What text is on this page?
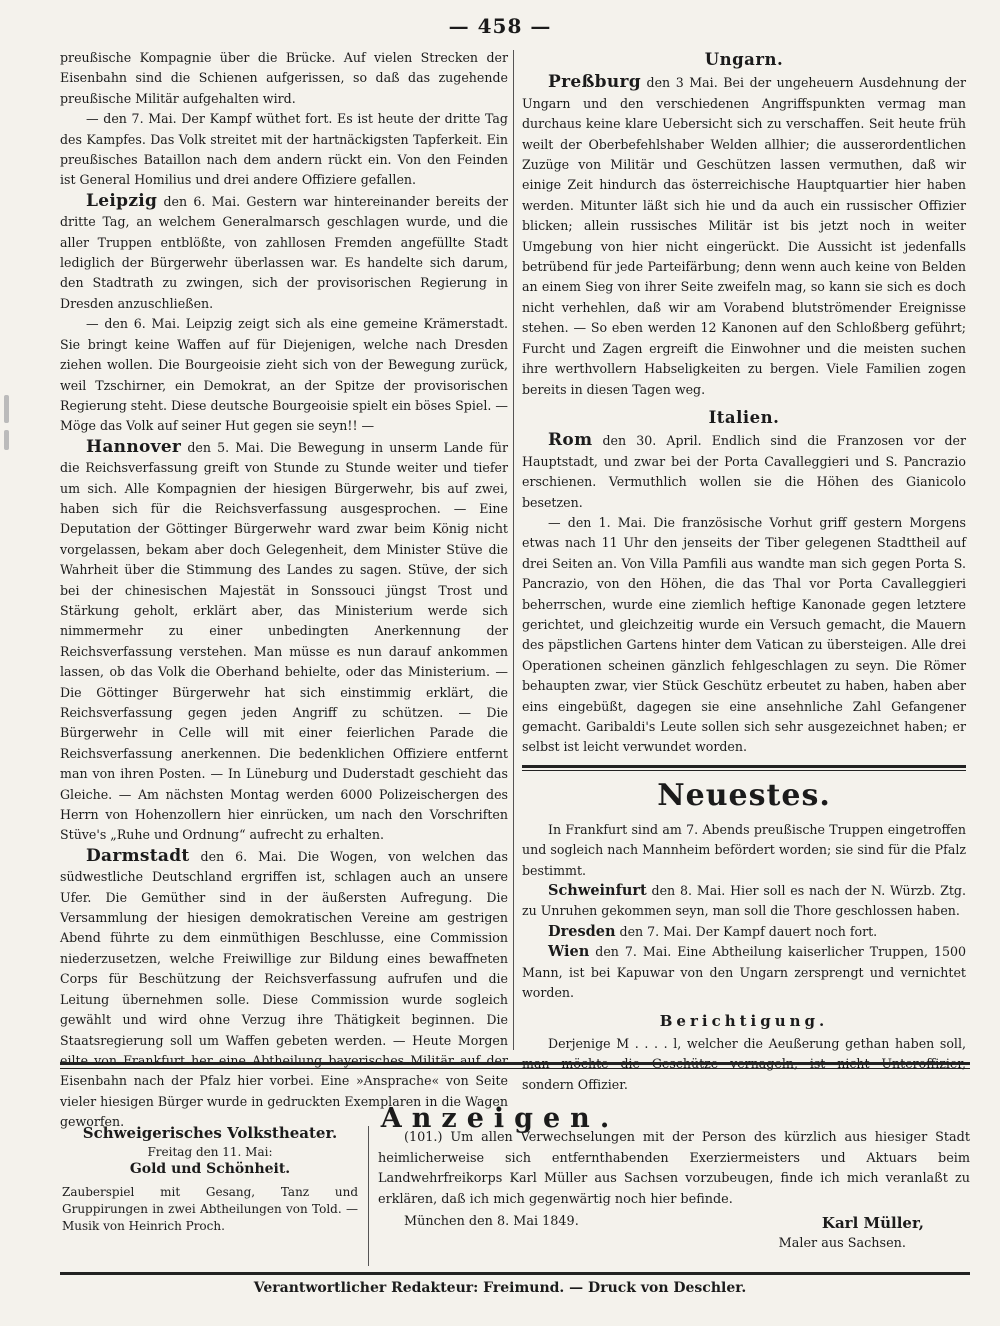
— 458 —

preußische Kompagnie über die Brücke. Auf vielen Strecken der Eisenbahn sind die Schienen aufgerissen, so daß das zugehende preußische Militär aufgehalten wird.

— den 7. Mai. Der Kampf wüthet fort. Es ist heute der dritte Tag des Kampfes. Das Volk streitet mit der hartnäckigsten Tapferkeit. Ein preußisches Bataillon nach dem andern rückt ein. Von den Feinden ist General Homilius und drei andere Offiziere gefallen.

Leipzig den 6. Mai. Gestern war hintereinander bereits der dritte Tag, an welchem Generalmarsch geschlagen wurde, und die aller Truppen entblößte, von zahllosen Fremden angefüllte Stadt lediglich der Bürgerwehr überlassen war. Es handelte sich darum, den Stadtrath zu zwingen, sich der provisorischen Regierung in Dresden anzuschließen.

— den 6. Mai. Leipzig zeigt sich als eine gemeine Krämerstadt. Sie bringt keine Waffen auf für Diejenigen, welche nach Dresden ziehen wollen. Die Bourgeoisie zieht sich von der Bewegung zurück, weil Tzschirner, ein Demokrat, an der Spitze der provisorischen Regierung steht. Diese deutsche Bourgeoisie spielt ein böses Spiel. — Möge das Volk auf seiner Hut gegen sie seyn!! —

Hannover den 5. Mai. Die Bewegung in unserm Lande für die Reichsverfassung greift von Stunde zu Stunde weiter und tiefer um sich. Alle Kompagnien der hiesigen Bürgerwehr, bis auf zwei, haben sich für die Reichsverfassung ausgesprochen. — Eine Deputation der Göttinger Bürgerwehr ward zwar beim König nicht vorgelassen, bekam aber doch Gelegenheit, dem Minister Stüve die Wahrheit über die Stimmung des Landes zu sagen. Stüve, der sich bei der chinesischen Majestät in Sonssouci jüngst Trost und Stärkung geholt, erklärt aber, das Ministerium werde sich nimmermehr zu einer unbedingten Anerkennung der Reichsverfassung verstehen. Man müsse es nun darauf ankommen lassen, ob das Volk die Oberhand behielte, oder das Ministerium. — Die Göttinger Bürgerwehr hat sich einstimmig erklärt, die Reichsverfassung gegen jeden Angriff zu schützen. — Die Bürgerwehr in Celle will mit einer feierlichen Parade die Reichsverfassung anerkennen. Die bedenklichen Offiziere entfernt man von ihren Posten. — In Lüneburg und Duderstadt geschieht das Gleiche. — Am nächsten Montag werden 6000 Polizeischergen des Herrn von Hohenzollern hier einrücken, um nach den Vorschriften Stüve's „Ruhe und Ordnung“ aufrecht zu erhalten.

Darmstadt den 6. Mai. Die Wogen, von welchen das südwestliche Deutschland ergriffen ist, schlagen auch an unsere Ufer. Die Gemüther sind in der äußersten Aufregung. Die Versammlung der hiesigen demokratischen Vereine am gestrigen Abend führte zu dem einmüthigen Beschlusse, eine Commission niederzusetzen, welche Freiwillige zur Bildung eines bewaffneten Corps für Beschützung der Reichsverfassung aufrufen und die Leitung übernehmen solle. Diese Commission wurde sogleich gewählt und wird ohne Verzug ihre Thätigkeit beginnen. Die Staatsregierung soll um Waffen gebeten werden. — Heute Morgen eilte von Frankfurt her eine Abtheilung bayerisches Militär auf der Eisenbahn nach der Pfalz hier vorbei. Eine »Ansprache« von Seite vieler hiesigen Bürger wurde in gedruckten Exemplaren in die Wagen geworfen.

Ungarn.

Preßburg den 3 Mai. Bei der ungeheuern Ausdehnung der Ungarn und den verschiedenen Angriffspunkten vermag man durchaus keine klare Uebersicht sich zu verschaffen. Seit heute früh weilt der Oberbefehlshaber Welden allhier; die ausserordentlichen Zuzüge von Militär und Geschützen lassen vermuthen, daß wir einige Zeit hindurch das österreichische Hauptquartier hier haben werden. Mitunter läßt sich hie und da auch ein russischer Offizier blicken; allein russisches Militär ist bis jetzt noch in weiter Umgebung von hier nicht eingerückt. Die Aussicht ist jedenfalls betrübend für jede Parteifärbung; denn wenn auch keine von Belden an einem Sieg von ihrer Seite zweifeln mag, so kann sie sich es doch nicht verhehlen, daß wir am Vorabend blutströmender Ereignisse stehen. — So eben werden 12 Kanonen auf den Schloßberg geführt; Furcht und Zagen ergreift die Einwohner und die meisten suchen ihre werthvollern Habseligkeiten zu bergen. Viele Familien zogen bereits in diesen Tagen weg.

Italien.

Rom den 30. April. Endlich sind die Franzosen vor der Hauptstadt, und zwar bei der Porta Cavalleggieri und S. Pancrazio erschienen. Vermuthlich wollen sie die Höhen des Gianicolo besetzen.

— den 1. Mai. Die französische Vorhut griff gestern Morgens etwas nach 11 Uhr den jenseits der Tiber gelegenen Stadttheil auf drei Seiten an. Von Villa Pamfili aus wandte man sich gegen Porta S. Pancrazio, von den Höhen, die das Thal vor Porta Cavalleggieri beherrschen, wurde eine ziemlich heftige Kanonade gegen letztere gerichtet, und gleichzeitig wurde ein Versuch gemacht, die Mauern des päpstlichen Gartens hinter dem Vatican zu übersteigen. Alle drei Operationen scheinen gänzlich fehlgeschlagen zu seyn. Die Römer behaupten zwar, vier Stück Geschütz erbeutet zu haben, haben aber eins eingebüßt, dagegen sie eine ansehnliche Zahl Gefangener gemacht. Garibaldi's Leute sollen sich sehr ausgezeichnet haben; er selbst ist leicht verwundet worden.

Neuestes.

In Frankfurt sind am 7. Abends preußische Truppen eingetroffen und sogleich nach Mannheim befördert worden; sie sind für die Pfalz bestimmt.

Schweinfurt den 8. Mai. Hier soll es nach der N. Würzb. Ztg. zu Unruhen gekommen seyn, man soll die Thore geschlossen haben.

Dresden den 7. Mai. Der Kampf dauert noch fort.

Wien den 7. Mai. Eine Abtheilung kaiserlicher Truppen, 1500 Mann, ist bei Kapuwar von den Ungarn zersprengt und vernichtet worden.

Berichtigung.

Derjenige M . . . . l, welcher die Aeußerung gethan haben soll, man möchte die Geschütze vernageln, ist nicht Unteroffizier, sondern Offizier.

Anzeigen.
Schweigerisches Volkstheater.
Freitag den 11. Mai:
Gold und Schönheit.
Zauberspiel mit Gesang, Tanz und Gruppirungen in zwei Abtheilungen von Told. — Musik von Heinrich Proch.

(101.) Um allen Verwechselungen mit der Person des kürzlich aus hiesiger Stadt heimlicherweise sich entfernthabenden Exerziermeisters und Aktuars beim Landwehrfreikorps Karl Müller aus Sachsen vorzubeugen, finde ich mich veranlaßt zu erklären, daß ich mich gegenwärtig noch hier befinde.

München den 8. Mai 1849.	Karl Müller,
Maler aus Sachsen.
Verantwortlicher Redakteur: Freimund. — Druck von Deschler.
